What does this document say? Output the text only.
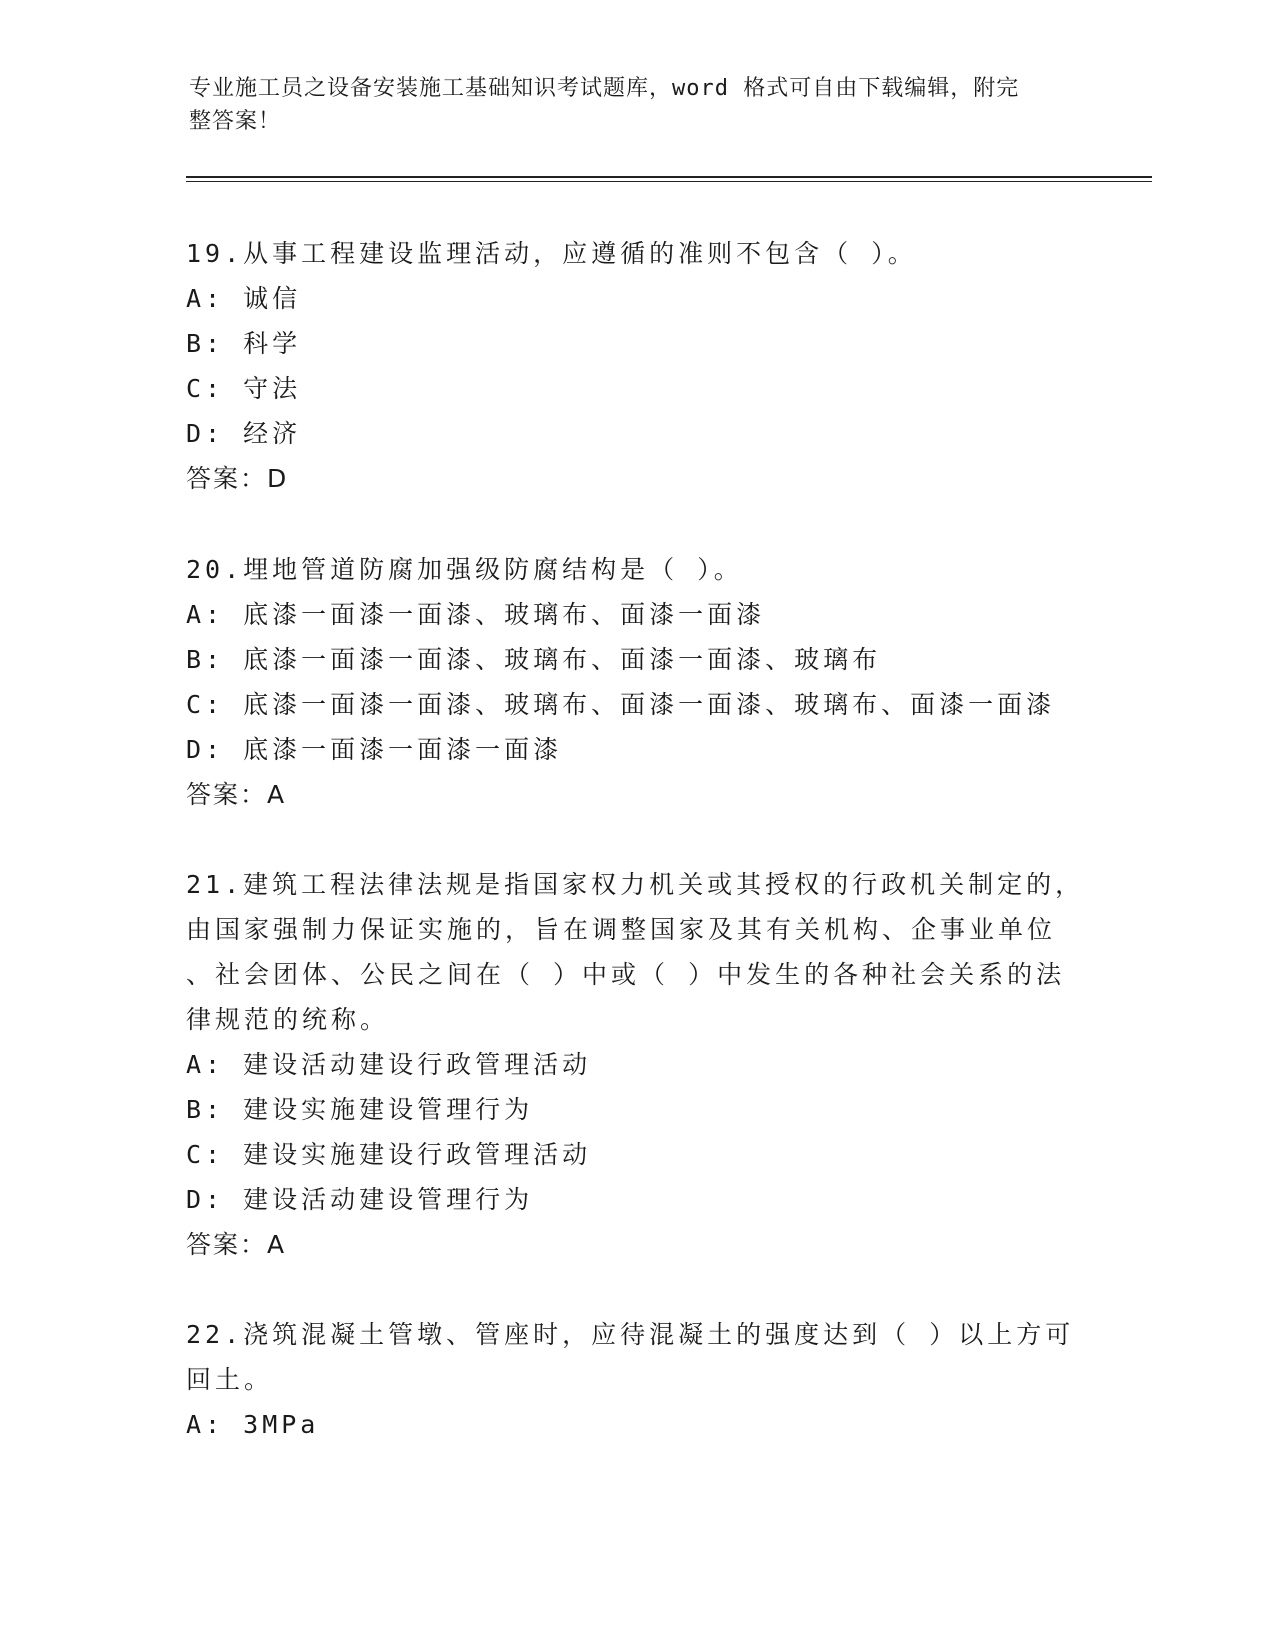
专业施工员之设备安装施工基础知识考试题库，word 格式可自由下载编辑，附完
整答案！
19.从事工程建设监理活动，应遵循的准则不包含（ ）。
A: 诚信
B: 科学
C: 守法
D: 经济
答案：D
20.埋地管道防腐加强级防腐结构是（ ）。
A: 底漆一面漆一面漆、玻璃布、面漆一面漆
B: 底漆一面漆一面漆、玻璃布、面漆一面漆、玻璃布
C: 底漆一面漆一面漆、玻璃布、面漆一面漆、玻璃布、面漆一面漆
D: 底漆一面漆一面漆一面漆
答案：A
21.建筑工程法律法规是指国家权力机关或其授权的行政机关制定的，
由国家强制力保证实施的，旨在调整国家及其有关机构、企事业单位
、社会团体、公民之间在（ ）中或（ ）中发生的各种社会关系的法
律规范的统称。
A: 建设活动建设行政管理活动
B: 建设实施建设管理行为
C: 建设实施建设行政管理活动
D: 建设活动建设管理行为
答案：A
22.浇筑混凝土管墩、管座时，应待混凝土的强度达到（ ）以上方可
回土。
A: 3MPa
